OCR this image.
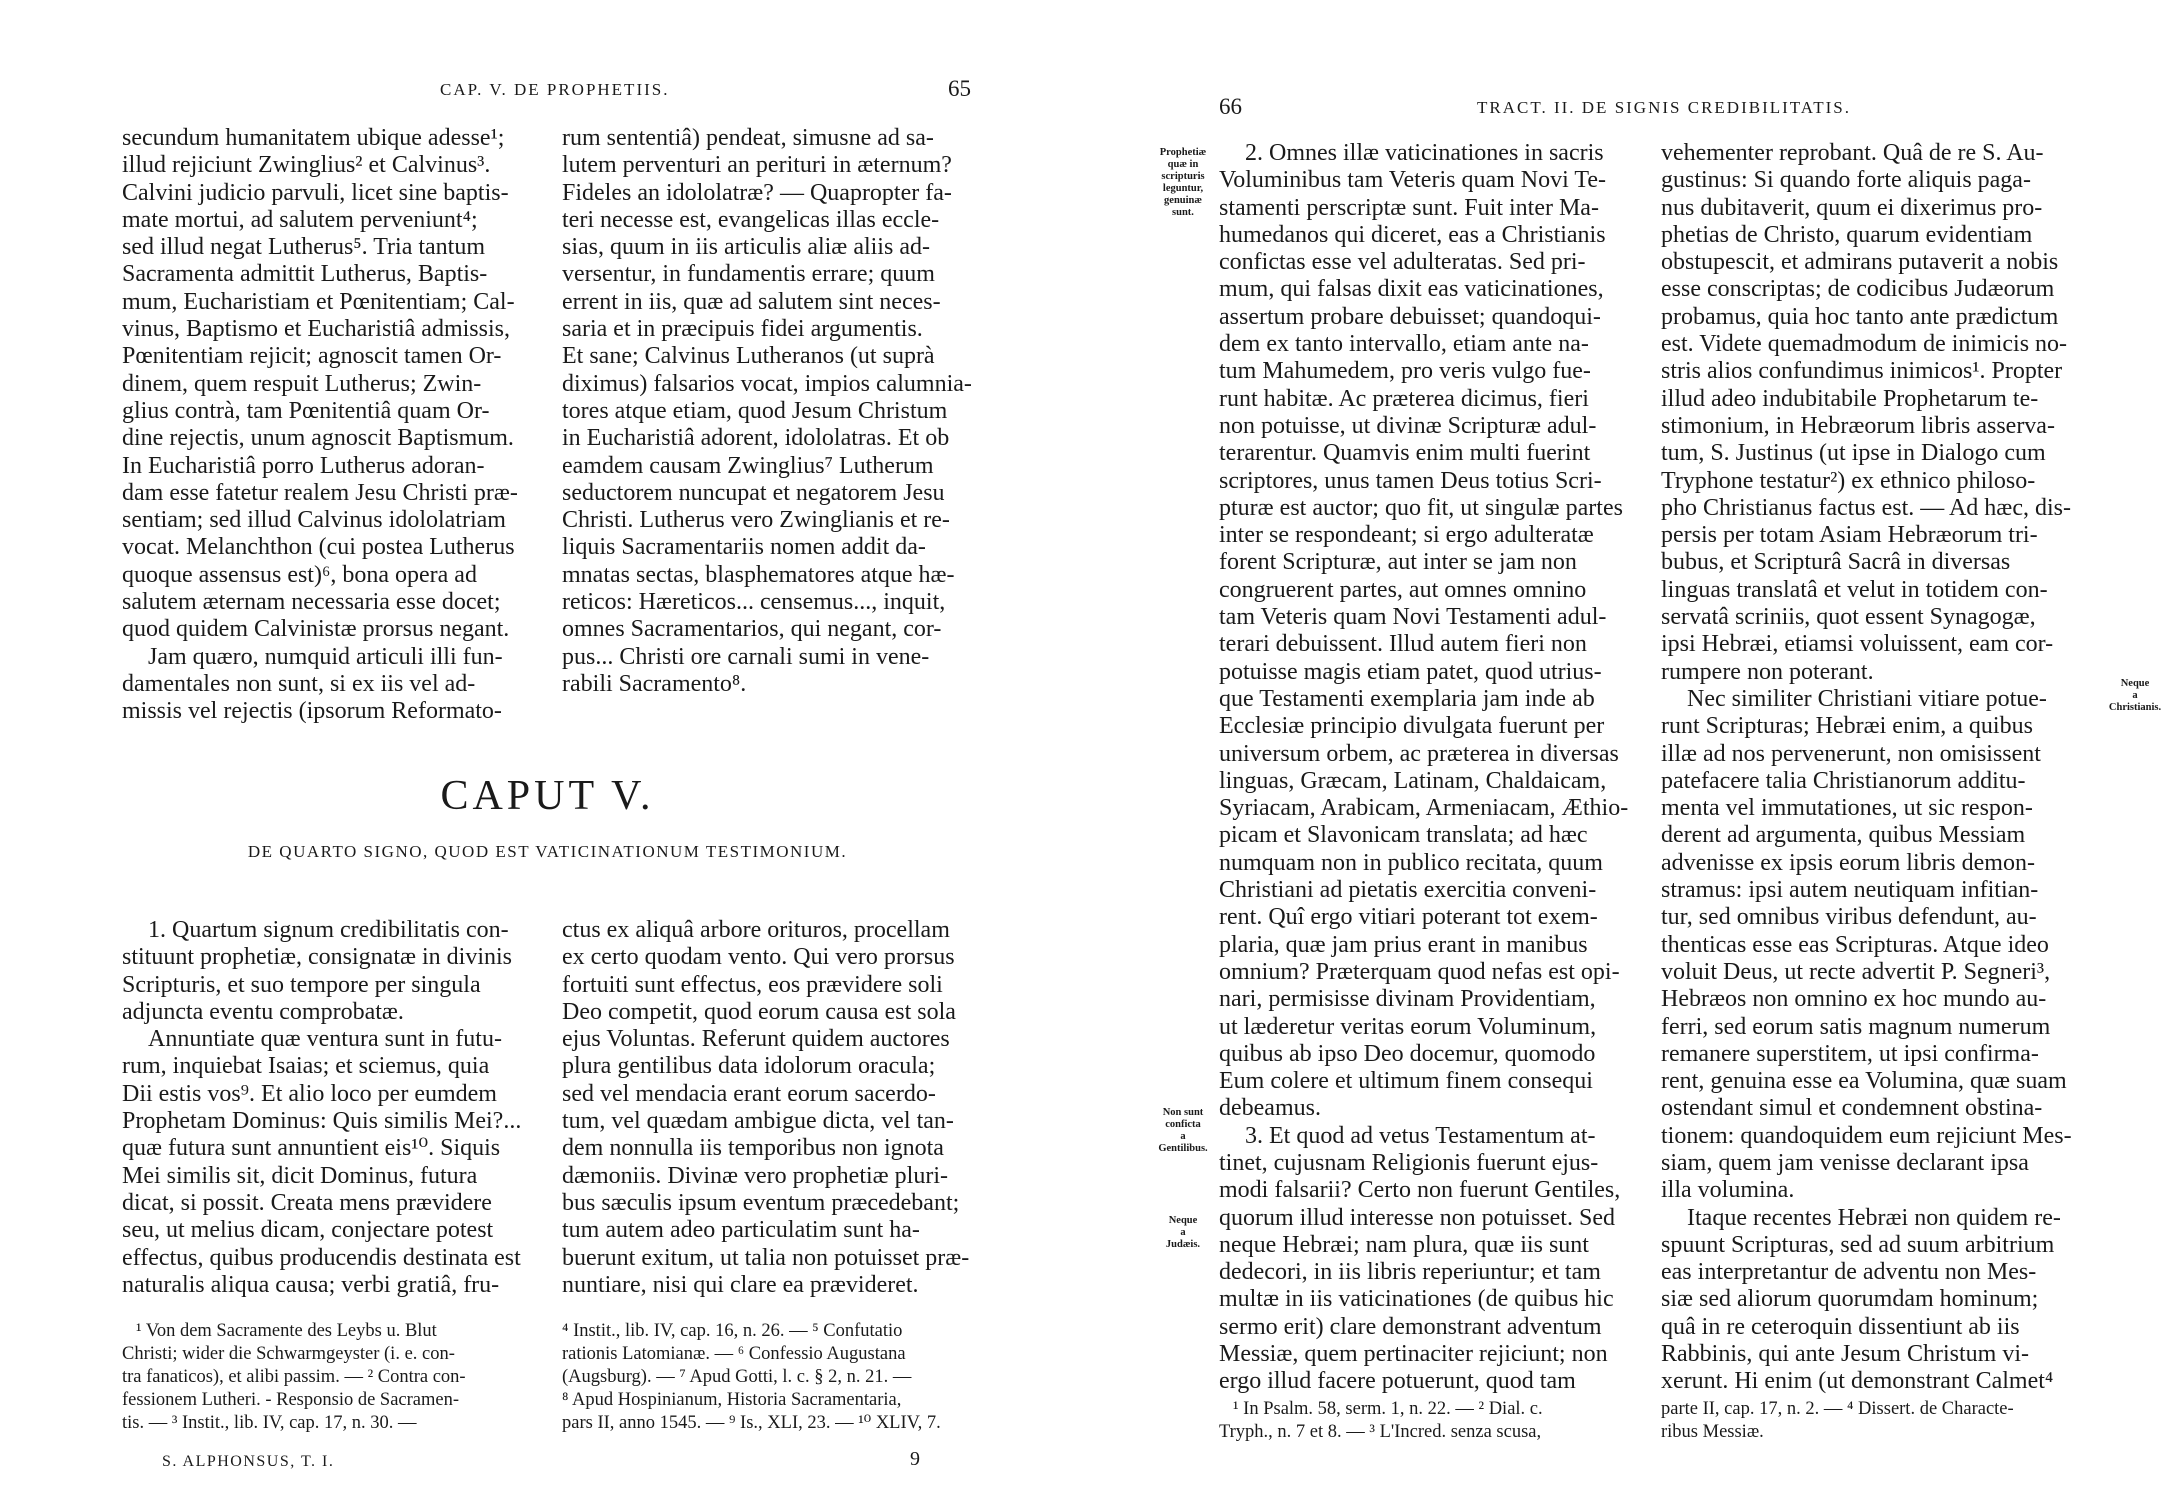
CAP. V. DE PROPHETIIS.	65
secundum humanitatem ubique adesse¹;
illud rejiciunt Zwinglius² et Calvinus³.
Calvini judicio parvuli, licet sine baptis-
mate mortui, ad salutem perveniunt⁴;
sed illud negat Lutherus⁵. Tria tantum
Sacramenta admittit Lutherus, Baptis-
mum, Eucharistiam et Pœnitentiam; Cal-
vinus, Baptismo et Eucharistiâ admissis,
Pœnitentiam rejicit; agnoscit tamen Or-
dinem, quem respuit Lutherus; Zwin-
glius contrà, tam Pœnitentiâ quam Or-
dine rejectis, unum agnoscit Baptismum.
In Eucharistiâ porro Lutherus adoran-
dam esse fatetur realem Jesu Christi præ-
sentiam; sed illud Calvinus idololatriam
vocat. Melanchthon (cui postea Lutherus
quoque assensus est)⁶, bona opera ad
salutem æternam necessaria esse docet;
quod quidem Calvinistæ prorsus negant.
Jam quæro, numquid articuli illi fun-
damentales non sunt, si ex iis vel ad-
missis vel rejectis (ipsorum Reformato-
rum sententiâ) pendeat, simusne ad sa-
lutem perventuri an perituri in æternum?
Fideles an idololatræ? — Quapropter fa-
teri necesse est, evangelicas illas eccle-
sias, quum in iis articulis aliæ aliis ad-
versentur, in fundamentis errare; quum
errent in iis, quæ ad salutem sint neces-
saria et in præcipuis fidei argumentis.
Et sane; Calvinus Lutheranos (ut suprà
diximus) falsarios vocat, impios calumnia-
tores atque etiam, quod Jesum Christum
in Eucharistiâ adorent, idololatras. Et ob
eamdem causam Zwinglius⁷ Lutherum
seductorem nuncupat et negatorem Jesu
Christi. Lutherus vero Zwinglianis et re-
liquis Sacramentariis nomen addit da-
mnatas sectas, blasphematores atque hæ-
reticos: Hæreticos... censemus..., inquit,
omnes Sacramentarios, qui negant, cor-
pus... Christi ore carnali sumi in vene-
rabili Sacramento⁸.
CAPUT V.
DE QUARTO SIGNO, QUOD EST VATICINATIONUM TESTIMONIUM.
1. Quartum signum credibilitatis con-
stituunt prophetiæ, consignatæ in divinis
Scripturis, et suo tempore per singula
adjuncta eventu comprobatæ.
Annuntiate quæ ventura sunt in futu-
rum, inquiebat Isaias; et sciemus, quia
Dii estis vos⁹. Et alio loco per eumdem
Prophetam Dominus: Quis similis Mei?...
quæ futura sunt annuntient eis¹⁰. Siquis
Mei similis sit, dicit Dominus, futura
dicat, si possit. Creata mens prævidere
seu, ut melius dicam, conjectare potest
effectus, quibus producendis destinata est
naturalis aliqua causa; verbi gratiâ, fru-
ctus ex aliquâ arbore orituros, procellam
ex certo quodam vento. Qui vero prorsus
fortuiti sunt effectus, eos prævidere soli
Deo competit, quod eorum causa est sola
ejus Voluntas. Referunt quidem auctores
plura gentilibus data idolorum oracula;
sed vel mendacia erant eorum sacerdo-
tum, vel quædam ambigue dicta, vel tan-
dem nonnulla iis temporibus non ignota
dæmoniis. Divinæ vero prophetiæ pluri-
bus sæculis ipsum eventum præcedebant;
tum autem adeo particulatim sunt ha-
buerunt exitum, ut talia non potuisset præ-
nuntiare, nisi qui clare ea prævideret.
¹ Von dem Sacramente des Leybs u. Blut
Christi; wider die Schwarmgeyster (i. e. con-
tra fanaticos), et alibi passim. — ² Contra con-
fessionem Lutheri. - Responsio de Sacramen-
tis. — ³ Instit., lib. IV, cap. 17, n. 30. —
⁴ Instit., lib. IV, cap. 16, n. 26. — ⁵ Confutatio
rationis Latomianæ. — ⁶ Confessio Augustana
(Augsburg). — ⁷ Apud Gotti, l. c. § 2, n. 21. —
⁸ Apud Hospinianum, Historia Sacramentaria,
pars II, anno 1545. — ⁹ Is., XLI, 23. — ¹⁰ XLIV, 7.
S. ALPHONSUS, T. I.	9
66	TRACT. II. DE SIGNIS CREDIBILITATIS.
Prophetiæ
quæ in
scripturis
leguntur,
genuinæ
sunt.
Non sunt
conficta
a
Gentilibus.
Neque
a
Judæis.
Neque
a
Christianis.
2. Omnes illæ vaticinationes in sacris
Voluminibus tam Veteris quam Novi Te-
stamenti perscriptæ sunt. Fuit inter Ma-
humedanos qui diceret, eas a Christianis
confictas esse vel adulteratas. Sed pri-
mum, qui falsas dixit eas vaticinationes,
assertum probare debuisset; quandoqui-
dem ex tanto intervallo, etiam ante na-
tum Mahumedem, pro veris vulgo fue-
runt habitæ. Ac præterea dicimus, fieri
non potuisse, ut divinæ Scripturæ adul-
terarentur. Quamvis enim multi fuerint
scriptores, unus tamen Deus totius Scri-
pturæ est auctor; quo fit, ut singulæ partes
inter se respondeant; si ergo adulteratæ
forent Scripturæ, aut inter se jam non
congruerent partes, aut omnes omnino
tam Veteris quam Novi Testamenti adul-
terari debuissent. Illud autem fieri non
potuisse magis etiam patet, quod utrius-
que Testamenti exemplaria jam inde ab
Ecclesiæ principio divulgata fuerunt per
universum orbem, ac præterea in diversas
linguas, Græcam, Latinam, Chaldaicam,
Syriacam, Arabicam, Armeniacam, Æthio-
picam et Slavonicam translata; ad hæc
numquam non in publico recitata, quum
Christiani ad pietatis exercitia conveni-
rent. Quî ergo vitiari poterant tot exem-
plaria, quæ jam prius erant in manibus
omnium? Præterquam quod nefas est opi-
nari, permisisse divinam Providentiam,
ut læderetur veritas eorum Voluminum,
quibus ab ipso Deo docemur, quomodo
Eum colere et ultimum finem consequi
debeamus.
3. Et quod ad vetus Testamentum at-
tinet, cujusnam Religionis fuerunt ejus-
modi falsarii? Certo non fuerunt Gentiles,
quorum illud interesse non potuisset. Sed
neque Hebræi; nam plura, quæ iis sunt
dedecori, in iis libris reperiuntur; et tam
multæ in iis vaticinationes (de quibus hic
sermo erit) clare demonstrant adventum
Messiæ, quem pertinaciter rejiciunt; non
ergo illud facere potuerunt, quod tam
vehementer reprobant. Quâ de re S. Au-
gustinus: Si quando forte aliquis paga-
nus dubitaverit, quum ei dixerimus pro-
phetias de Christo, quarum evidentiam
obstupescit, et admirans putaverit a nobis
esse conscriptas; de codicibus Judæorum
probamus, quia hoc tanto ante prædictum
est. Videte quemadmodum de inimicis no-
stris alios confundimus inimicos¹. Propter
illud adeo indubitabile Prophetarum te-
stimonium, in Hebræorum libris asserva-
tum, S. Justinus (ut ipse in Dialogo cum
Tryphone testatur²) ex ethnico philoso-
pho Christianus factus est. — Ad hæc, dis-
persis per totam Asiam Hebræorum tri-
bubus, et Scripturâ Sacrâ in diversas
linguas translatâ et velut in totidem con-
servatâ scriniis, quot essent Synagogæ,
ipsi Hebræi, etiamsi voluissent, eam cor-
rumpere non poterant.
Nec similiter Christiani vitiare potue-
runt Scripturas; Hebræi enim, a quibus
illæ ad nos pervenerunt, non omisissent
patefacere talia Christianorum additu-
menta vel immutationes, ut sic respon-
derent ad argumenta, quibus Messiam
advenisse ex ipsis eorum libris demon-
stramus: ipsi autem neutiquam infitian-
tur, sed omnibus viribus defendunt, au-
thenticas esse eas Scripturas. Atque ideo
voluit Deus, ut recte advertit P. Segneri³,
Hebræos non omnino ex hoc mundo au-
ferri, sed eorum satis magnum numerum
remanere superstitem, ut ipsi confirma-
rent, genuina esse ea Volumina, quæ suam
ostendant simul et condemnent obstina-
tionem: quandoquidem eum rejiciunt Mes-
siam, quem jam venisse declarant ipsa
illa volumina.
Itaque recentes Hebræi non quidem re-
spuunt Scripturas, sed ad suum arbitrium
eas interpretantur de adventu non Mes-
siæ sed aliorum quorumdam hominum;
quâ in re ceteroquin dissentiunt ab iis
Rabbinis, qui ante Jesum Christum vi-
xerunt. Hi enim (ut demonstrant Calmet⁴
¹ In Psalm. 58, serm. 1, n. 22. — ² Dial. c.
Tryph., n. 7 et 8. — ³ L'Incred. senza scusa,
parte II, cap. 17, n. 2. — ⁴ Dissert. de Characte-
ribus Messiæ.
